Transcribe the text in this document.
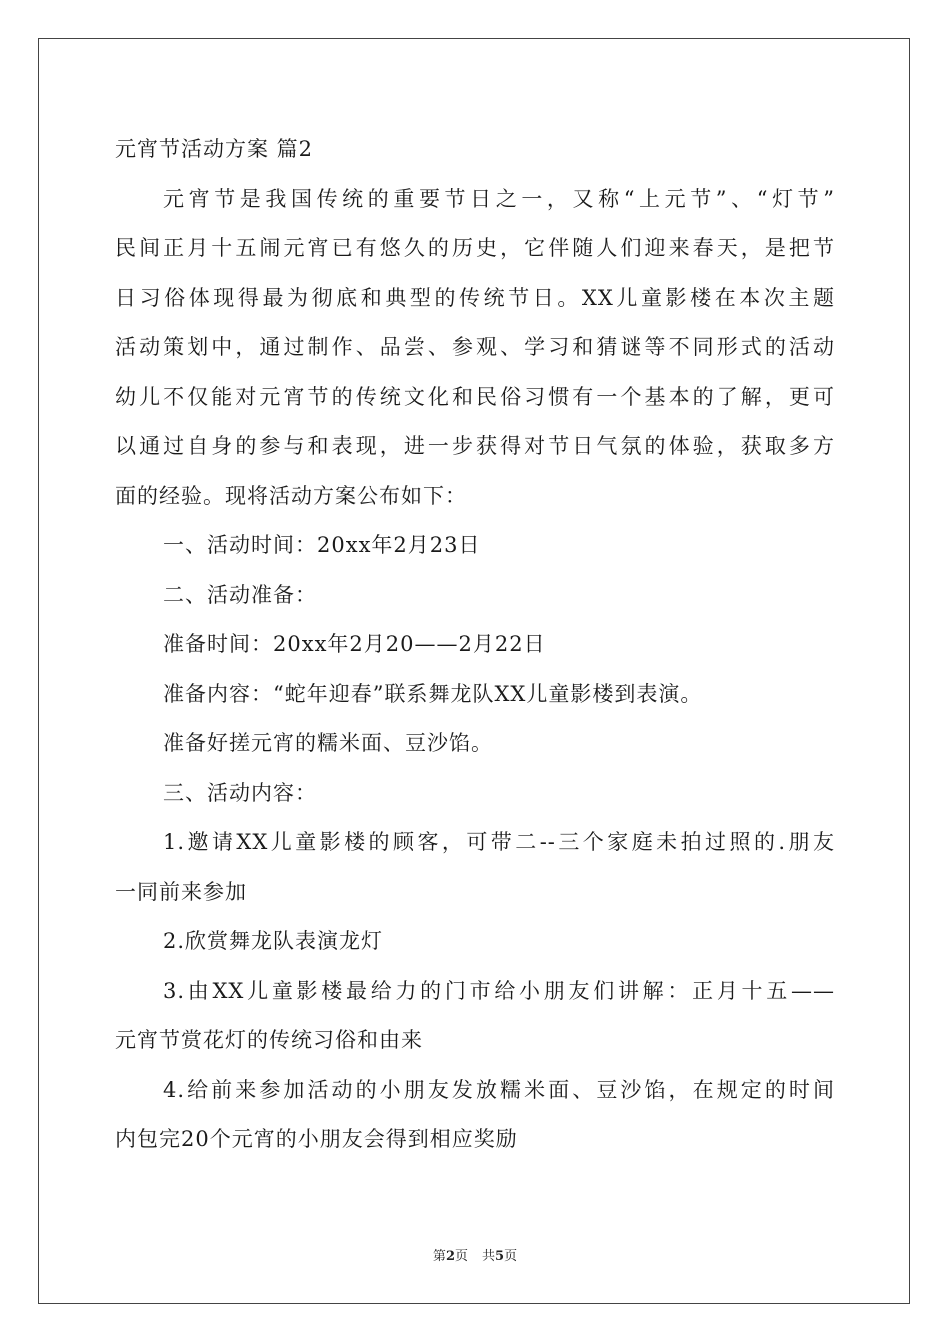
元宵节活动方案 篇2
元宵节是我国传统的重要节日之一，又称“上元节”、“灯节”
民间正月十五闹元宵已有悠久的历史，它伴随人们迎来春天，是把节
日习俗体现得最为彻底和典型的传统节日。XX儿童影楼在本次主题
活动策划中，通过制作、品尝、参观、学习和猜谜等不同形式的活动
幼儿不仅能对元宵节的传统文化和民俗习惯有一个基本的了解，更可
以通过自身的参与和表现，进一步获得对节日气氛的体验，获取多方
面的经验。现将活动方案公布如下：
一、活动时间：20xx年2月23日
二、活动准备：
准备时间：20xx年2月20——2月22日
准备内容：“蛇年迎春”联系舞龙队XX儿童影楼到表演。
准备好搓元宵的糯米面、豆沙馅。
三、活动内容：
1.邀请XX儿童影楼的顾客，可带二--三个家庭未拍过照的.朋友
一同前来参加
2.欣赏舞龙队表演龙灯
3.由XX儿童影楼最给力的门市给小朋友们讲解：正月十五——
元宵节赏花灯的传统习俗和由来
4.给前来参加活动的小朋友发放糯米面、豆沙馅，在规定的时间
内包完20个元宵的小朋友会得到相应奖励
第2页 共5页
